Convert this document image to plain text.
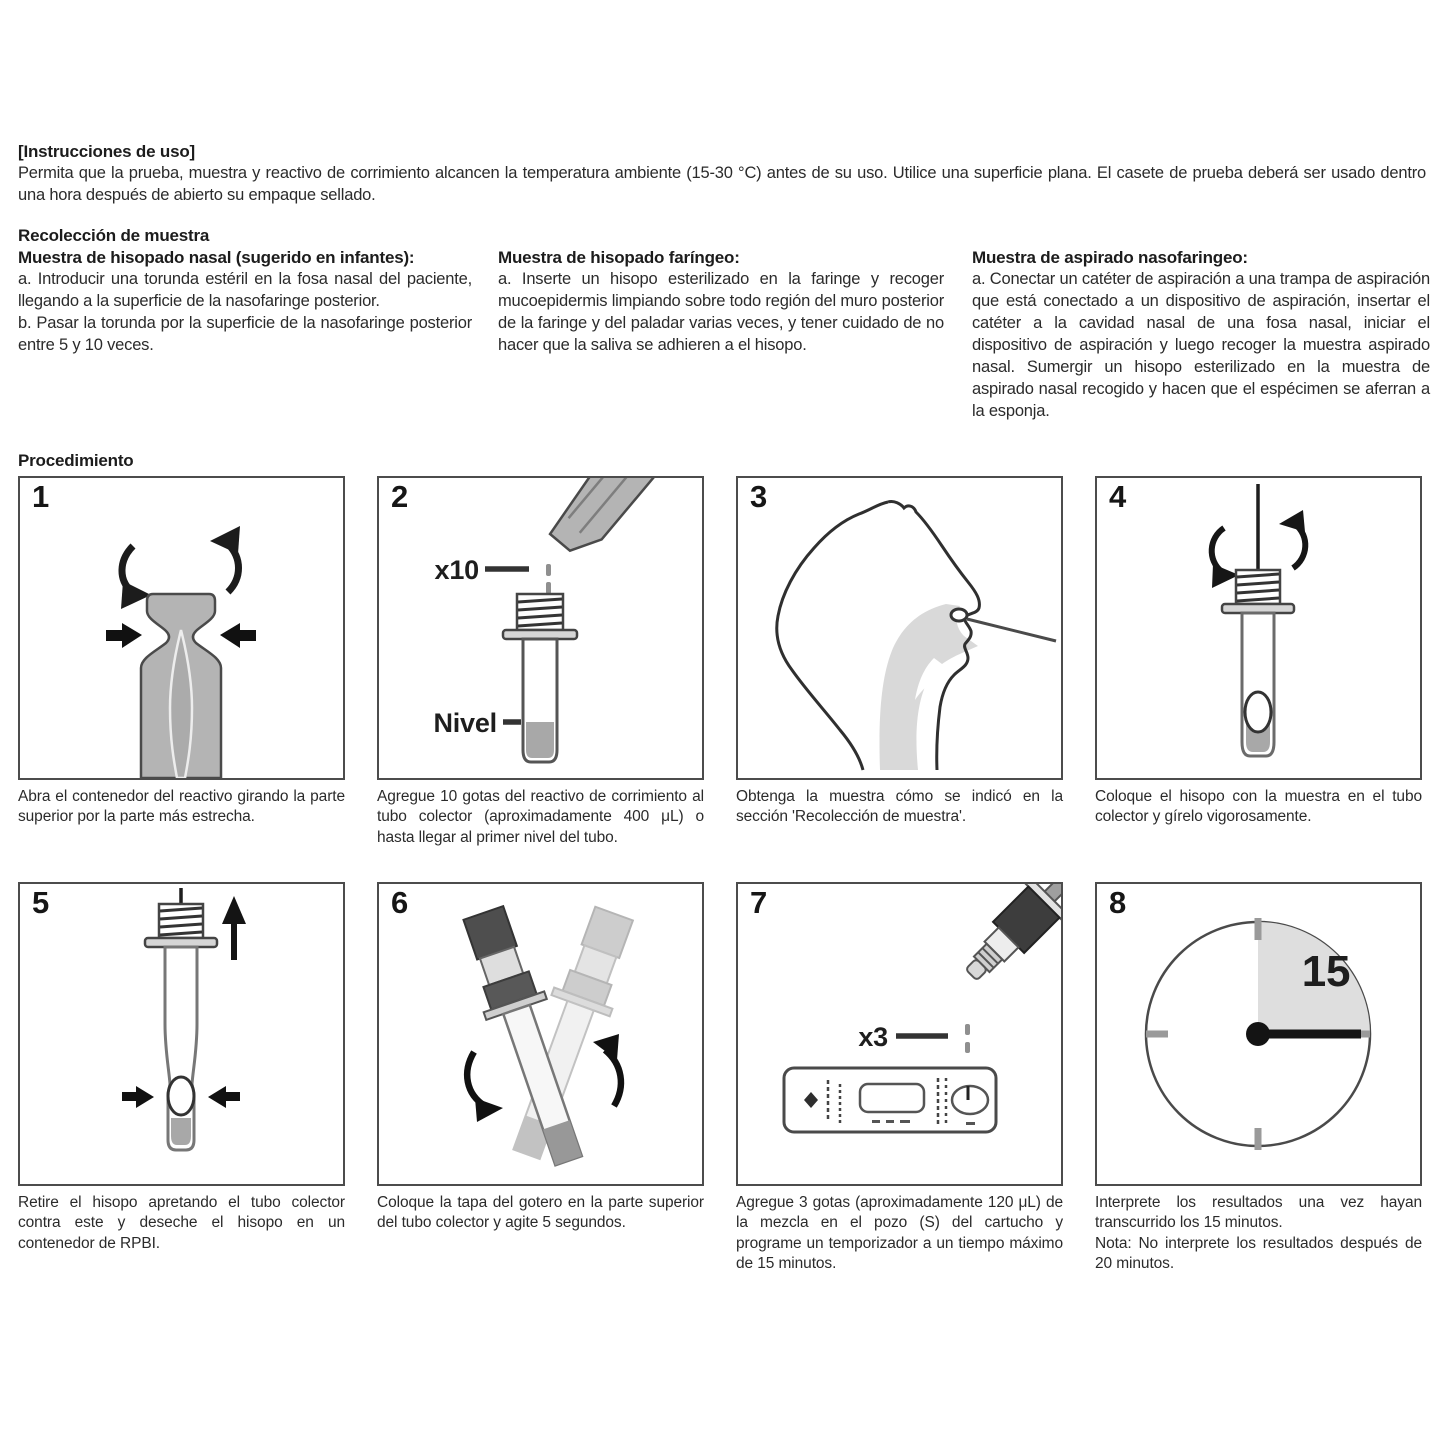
[Instrucciones de uso]
Permita que la prueba, muestra y reactivo de corrimiento alcancen la temperatura ambiente (15-30 °C) antes de su uso. Utilice una superficie plana. El casete de prueba deberá ser usado dentro una hora después de abierto su empaque sellado.
Recolección de muestra
Muestra de hisopado nasal (sugerido en infantes):
a. Introducir una torunda estéril en la fosa nasal del paciente, llegando a la superficie de la nasofaringe posterior.
b. Pasar la torunda por la superficie de la nasofaringe posterior entre 5 y 10 veces.
Muestra de hisopado faríngeo:
a. Inserte un hisopo esterilizado en la faringe y recoger mucoepidermis limpiando sobre todo región del muro posterior de la faringe y del paladar varias veces, y tener cuidado de no hacer que la saliva se adhieren a el hisopo.
Muestra de aspirado nasofaringeo:
a. Conectar un catéter de aspiración a una trampa de aspiración que está conectado a un dispositivo de aspiración, insertar el catéter a la cavidad nasal de una fosa nasal, iniciar el dispositivo de aspiración y luego recoger la muestra aspirado nasal. Sumergir un hisopo esterilizado en la muestra de aspirado nasal recogido y hacen que el espécimen se aferran a la esponja.
Procedimiento
1
Abra el contenedor del reactivo girando la parte superior por la parte más estrecha.
2
x10
Nivel
Agregue 10 gotas del reactivo de corrimiento al tubo colector (aproximadamente 400 μL) o hasta llegar al primer nivel del tubo.
3
Obtenga la muestra cómo se indicó en la sección 'Recolección de muestra'.
4
Coloque el hisopo con la muestra en el tubo colector y gírelo vigorosamente.
5
Retire el hisopo apretando el tubo colector contra este y deseche el hisopo en un contenedor de RPBI.
6
Coloque la tapa del gotero en la parte superior del tubo colector y agite 5 segundos.
7
x3
Agregue 3 gotas (aproximadamente 120 μL) de la mezcla en el pozo (S) del cartucho y programe un temporizador a un tiempo máximo de 15 minutos.
8
15
Interprete los resultados una vez hayan transcurrido los 15 minutos.
Nota: No interprete los resultados después de 20 minutos.
